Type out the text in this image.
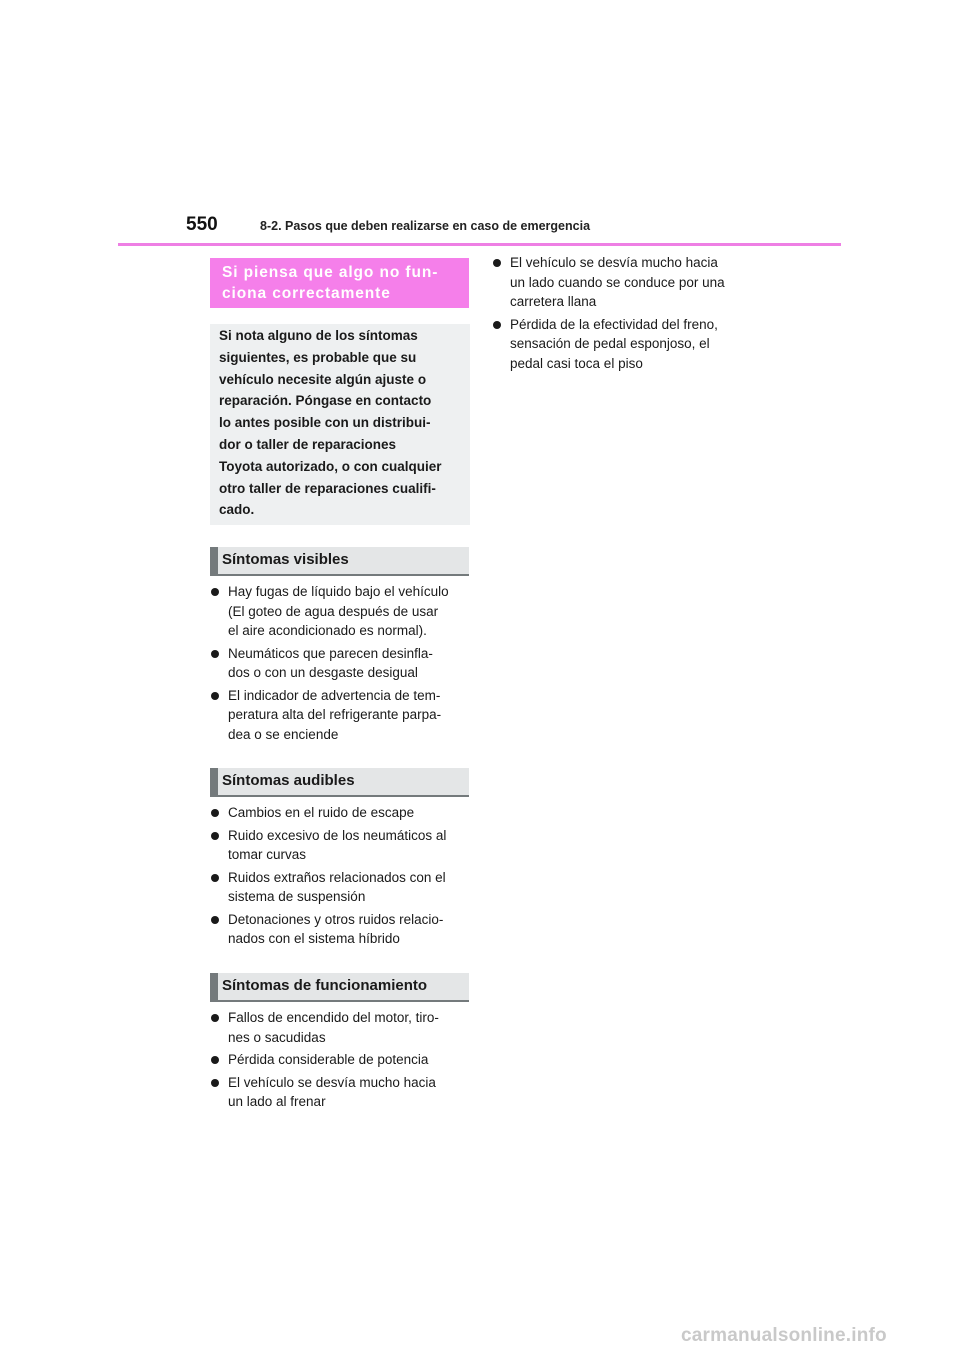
550	8-2. Pasos que deben realizarse en caso de emergencia

Si piensa que algo no fun-
ciona correctamente

Si nota alguno de los síntomas
siguientes, es probable que su
vehículo necesite algún ajuste o
reparación. Póngase en contacto
lo antes posible con un distribui-
dor o taller de reparaciones
Toyota autorizado, o con cualquier
otro taller de reparaciones cualifi-
cado.

Síntomas visibles
Hay fugas de líquido bajo el vehículo
(El goteo de agua después de usar
el aire acondicionado es normal).
Neumáticos que parecen desinfla-
dos o con un desgaste desigual
El indicador de advertencia de tem-
peratura alta del refrigerante parpa-
dea o se enciende
Síntomas audibles
Cambios en el ruido de escape
Ruido excesivo de los neumáticos al
tomar curvas
Ruidos extraños relacionados con el
sistema de suspensión
Detonaciones y otros ruidos relacio-
nados con el sistema híbrido
Síntomas de funcionamiento
Fallos de encendido del motor, tiro-
nes o sacudidas
Pérdida considerable de potencia
El vehículo se desvía mucho hacia
un lado al frenar
El vehículo se desvía mucho hacia
un lado cuando se conduce por una
carretera llana
Pérdida de la efectividad del freno,
sensación de pedal esponjoso, el
pedal casi toca el piso
carmanualsonline.info
